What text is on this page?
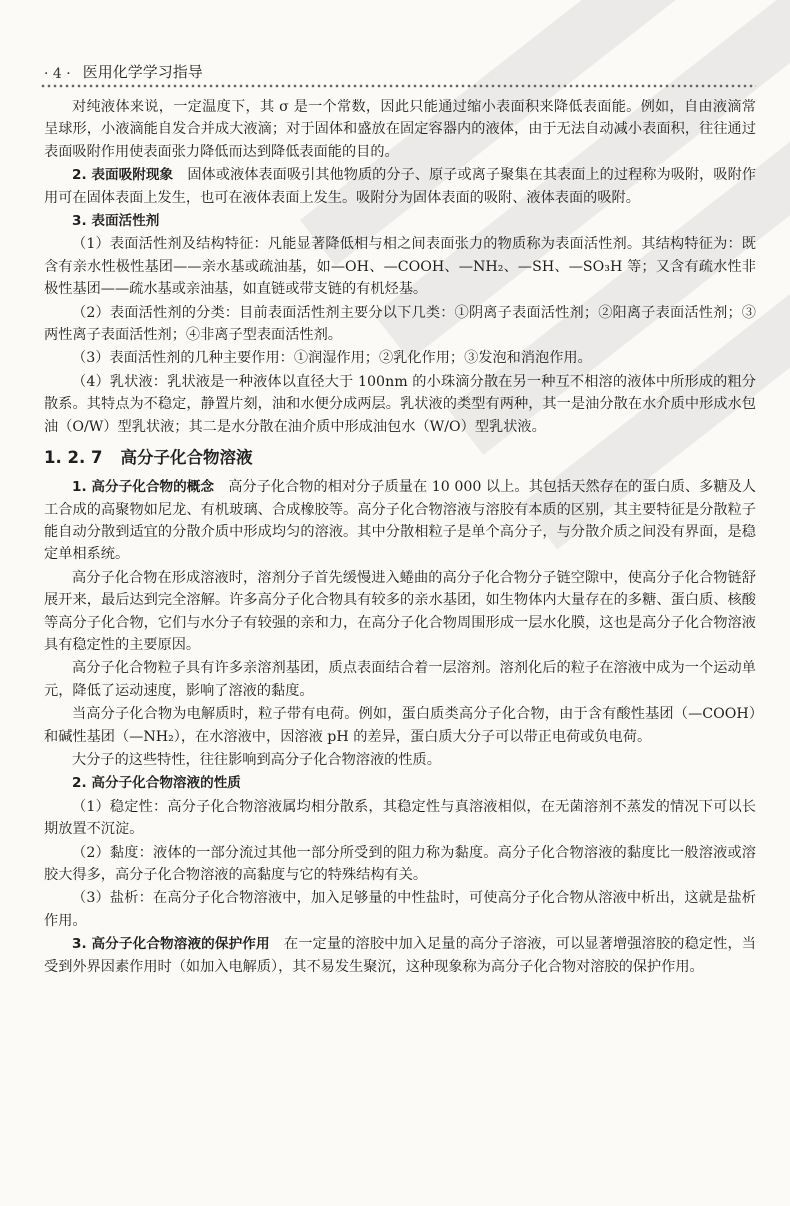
· 4 · 医用化学学习指导

对纯液体来说，一定温度下，其 σ 是一个常数，因此只能通过缩小表面积来降低表面能。例如，自由液滴常呈球形，小液滴能自发合并成大液滴；对于固体和盛放在固定容器内的液体，由于无法自动减小表面积，往往通过表面吸附作用使表面张力降低而达到降低表面能的目的。

2. 表面吸附现象　 固体或液体表面吸引其他物质的分子、原子或离子聚集在其表面上的过程称为吸附，吸附作用可在固体表面上发生，也可在液体表面上发生。吸附分为固体表面的吸附、液体表面的吸附。

3. 表面活性剂

（1）表面活性剂及结构特征：凡能显著降低相与相之间表面张力的物质称为表面活性剂。其结构特征为：既含有亲水性极性基团——亲水基或疏油基，如—OH、—COOH、—NH₂、—SH、—SO₃H 等；又含有疏水性非极性基团——疏水基或亲油基，如直链或带支链的有机烃基。

（2）表面活性剂的分类：目前表面活性剂主要分以下几类：①阴离子表面活性剂；②阳离子表面活性剂；③两性离子表面活性剂；④非离子型表面活性剂。

（3）表面活性剂的几种主要作用：①润湿作用；②乳化作用；③发泡和消泡作用。

（4）乳状液：乳状液是一种液体以直径大于 100nm 的小珠滴分散在另一种互不相溶的液体中所形成的粗分散系。其特点为不稳定，静置片刻，油和水便分成两层。乳状液的类型有两种，其一是油分散在水介质中形成水包油（O/W）型乳状液；其二是水分散在油介质中形成油包水（W/O）型乳状液。

1. 2. 7 高分子化合物溶液

1. 高分子化合物的概念　 高分子化合物的相对分子质量在 10 000 以上。其包括天然存在的蛋白质、多糖及人工合成的高聚物如尼龙、有机玻璃、合成橡胶等。高分子化合物溶液与溶胶有本质的区别，其主要特征是分散粒子能自动分散到适宜的分散介质中形成均匀的溶液。其中分散相粒子是单个高分子，与分散介质之间没有界面，是稳定单相系统。

高分子化合物在形成溶液时，溶剂分子首先缓慢进入蜷曲的高分子化合物分子链空隙中，使高分子化合物链舒展开来，最后达到完全溶解。许多高分子化合物具有较多的亲水基团，如生物体内大量存在的多糖、蛋白质、核酸等高分子化合物，它们与水分子有较强的亲和力，在高分子化合物周围形成一层水化膜，这也是高分子化合物溶液具有稳定性的主要原因。

高分子化合物粒子具有许多亲溶剂基团，质点表面结合着一层溶剂。溶剂化后的粒子在溶液中成为一个运动单元，降低了运动速度，影响了溶液的黏度。

当高分子化合物为电解质时，粒子带有电荷。例如，蛋白质类高分子化合物，由于含有酸性基团（—COOH）和碱性基团（—NH₂），在水溶液中，因溶液 pH 的差异，蛋白质大分子可以带正电荷或负电荷。

大分子的这些特性，往往影响到高分子化合物溶液的性质。

2. 高分子化合物溶液的性质

（1）稳定性：高分子化合物溶液属均相分散系，其稳定性与真溶液相似，在无菌溶剂不蒸发的情况下可以长期放置不沉淀。

（2）黏度：液体的一部分流过其他一部分所受到的阻力称为黏度。高分子化合物溶液的黏度比一般溶液或溶胶大得多，高分子化合物溶液的高黏度与它的特殊结构有关。

（3）盐析：在高分子化合物溶液中，加入足够量的中性盐时，可使高分子化合物从溶液中析出，这就是盐析作用。

3. 高分子化合物溶液的保护作用　 在一定量的溶胶中加入足量的高分子溶液，可以显著增强溶胶的稳定性，当受到外界因素作用时（如加入电解质），其不易发生聚沉，这种现象称为高分子化合物对溶胶的保护作用。
